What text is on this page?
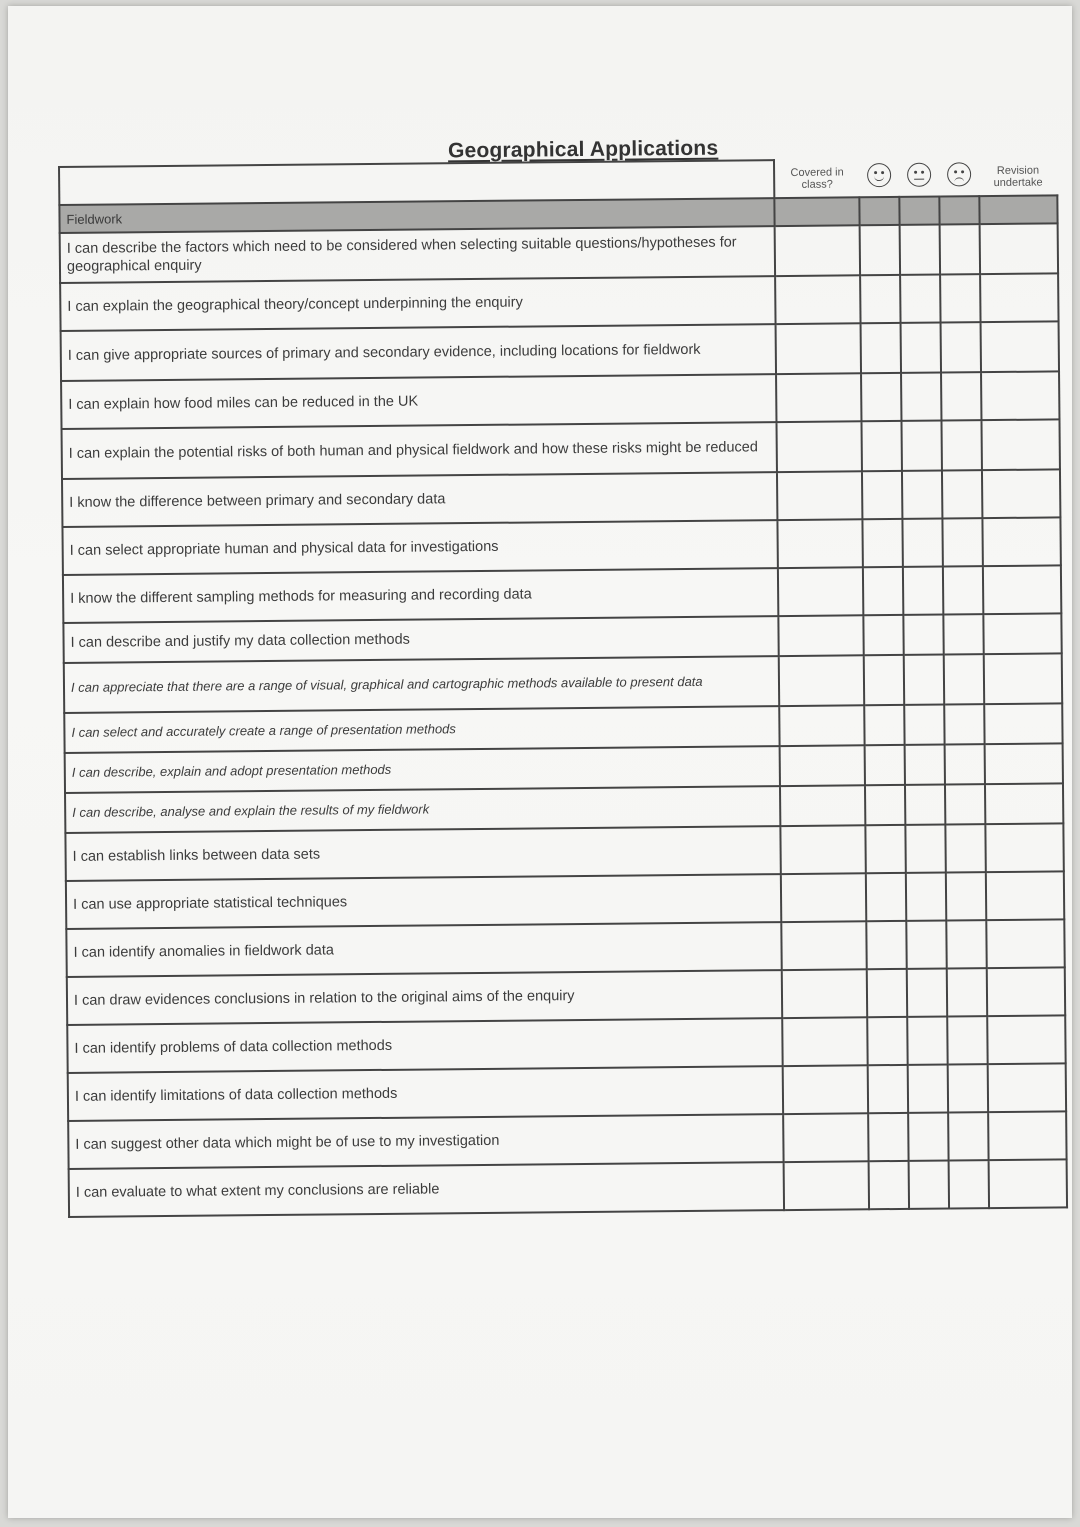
Geographical Applications
	Covered in class?				Revision undertake
Fieldwork					
I can describe the factors which need to be considered when selecting suitable questions/hypotheses for geographical enquiry					
I can explain the geographical theory/concept underpinning the enquiry					
I can give appropriate sources of primary and secondary evidence, including locations for fieldwork					
I can explain how food miles can be reduced in the UK					
I can explain the potential risks of both human and physical fieldwork and how these risks might be reduced					
I know the difference between primary and secondary data					
I can select appropriate human and physical data for investigations					
I know the different sampling methods for measuring and recording data					
I can describe and justify my data collection methods					
I can appreciate that there are a range of visual, graphical and cartographic methods available to present data					
I can select and accurately create a range of presentation methods					
I can describe, explain and adopt presentation methods					
I can describe, analyse and explain the results of my fieldwork					
I can establish links between data sets					
I can use appropriate statistical techniques					
I can identify anomalies in fieldwork data					
I can draw evidences conclusions in relation to the original aims of the enquiry					
I can identify problems of data collection methods					
I can identify limitations of data collection methods					
I can suggest other data which might be of use to my investigation					
I can evaluate to what extent my conclusions are reliable					
